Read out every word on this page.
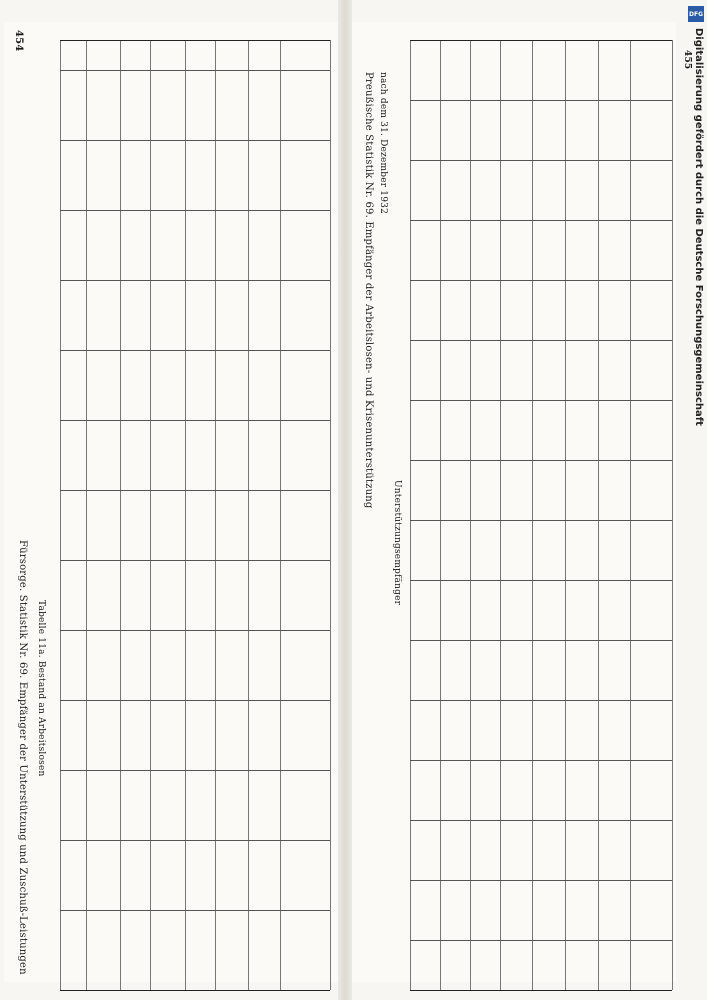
454
Fürsorge. Statistik Nr. 69. Empfänger der Unterstützung und Zuschuß-Leistungen Tabelle 11a. Bestand an Arbeitslosen
455
Preußische Statistik Nr. 69. Empfänger der Arbeitslosen- und Krisenunterstützung nach dem 31. Dezember 1932
Unterstützungsempfänger
DFG
Digitalisierung gefördert durch die Deutsche Forschungsgemeinschaft
